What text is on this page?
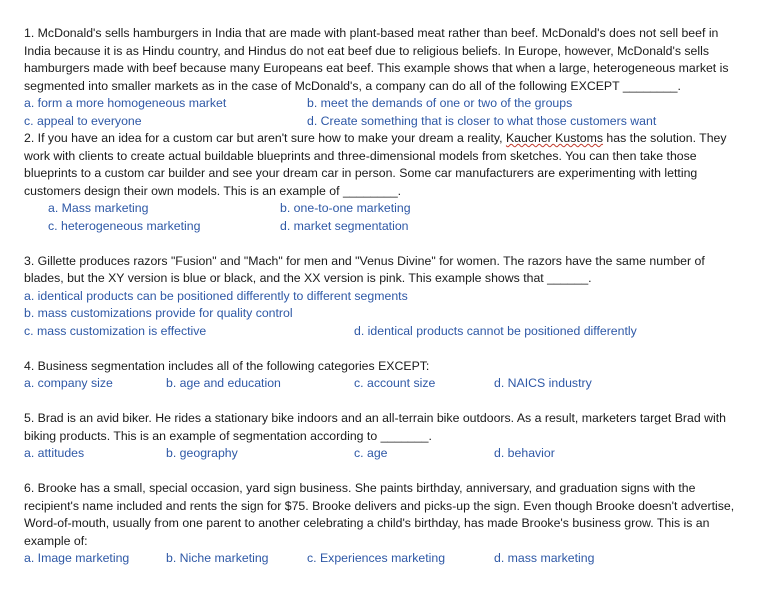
1. McDonald's sells hamburgers in India that are made with plant-based meat rather than beef. McDonald's does not sell beef in India because it is as Hindu country, and Hindus do not eat beef due to religious beliefs. In Europe, however, McDonald's sells hamburgers made with beef because many Europeans eat beef. This example shows that when a large, heterogeneous market is segmented into smaller markets as in the case of McDonald's, a company can do all of the following EXCEPT ________.

a. form a more homogeneous market	b. meet the demands of one or two of the groups
c. appeal to everyone	d. Create something that is closer to what those customers want

2. If you have an idea for a custom car but aren't sure how to make your dream a reality, Kaucher Kustoms has the solution. They work with clients to create actual buildable blueprints and three-dimensional models from sketches. You can then take those blueprints to a custom car builder and see your dream car in person. Some car manufacturers are experimenting with letting customers design their own models. This is an example of ________.

a. Mass marketing	b. one-to-one marketing
c. heterogeneous marketing	d. market segmentation

3. Gillette produces razors "Fusion" and "Mach" for men and "Venus Divine" for women. The razors have the same number of blades, but the XY version is blue or black, and the XX version is pink. This example shows that ______.

a. identical products can be positioned differently to different segments
b. mass customizations provide for quality control
c. mass customization is effective	d. identical products cannot be positioned differently

4. Business segmentation includes all of the following categories EXCEPT:

a. company size	b. age and education	c. account size	d. NAICS industry

5. Brad is an avid biker. He rides a stationary bike indoors and an all-terrain bike outdoors. As a result, marketers target Brad with biking products. This is an example of segmentation according to _______.

a. attitudes	b. geography	c. age	d. behavior

6. Brooke has a small, special occasion, yard sign business. She paints birthday, anniversary, and graduation signs with the recipient's name included and rents the sign for $75. Brooke delivers and picks-up the sign. Even though Brooke doesn't advertise, Word-of-mouth, usually from one parent to another celebrating a child's birthday, has made Brooke's business grow. This is an example of:

a. Image marketing	b. Niche marketing	c. Experiences marketing	d. mass marketing
